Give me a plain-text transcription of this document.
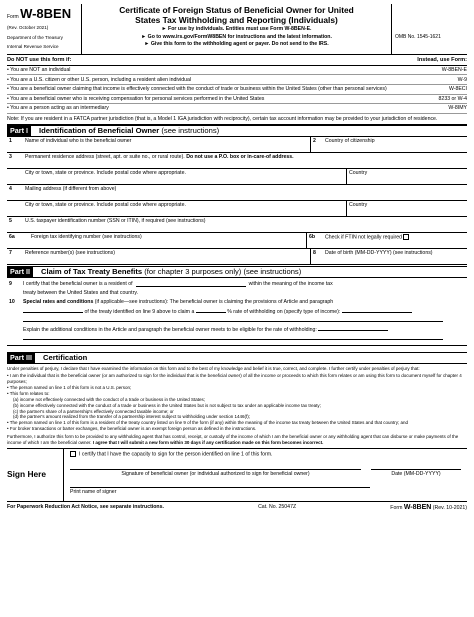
Form W-8BEN
(Rev. October 2021)
Department of the Treasury
Internal Revenue Service
Certificate of Foreign Status of Beneficial Owner for United
States Tax Withholding and Reporting (Individuals)
► For use by individuals. Entities must use Form W-8BEN-E.
► Go to www.irs.gov/FormW8BEN for instructions and the latest information.
► Give this form to the withholding agent or payer. Do not send to the IRS.
OMB No. 1545-1621
Do NOT use this form if:	Instead, use Form:
• You are NOT an individual	W-8BEN-E
• You are a U.S. citizen or other U.S. person, including a resident alien individual	W-9
• You are a beneficial owner claiming that income is effectively connected with the conduct of trade or business within the United States (other than personal services)	W-8ECI
• You are a beneficial owner who is receiving compensation for personal services performed in the United States	8233 or W-4
• You are a person acting as an intermediary	W-8IMY
Note: If you are resident in a FATCA partner jurisdiction (that is, a Model 1 IGA jurisdiction with reciprocity), certain tax account information may be provided to your jurisdiction of residence.
Part I	Identification of Beneficial Owner
(see instructions)
1	Name of individual who is the beneficial owner	2	Country of citizenship
3	Permanent residence address (street, apt. or suite no., or rural route). Do not use a P.O. box or in-care-of address.
City or town, state or province. Include postal code where appropriate.	Country
4	Mailing address (if different from above)
City or town, state or province. Include postal code where appropriate.	Country
5	U.S. taxpayer identification number (SSN or ITIN), if required (see instructions)
6a	Foreign tax identifying number (see instructions)	6b	Check if FTIN not legally required
7	Reference number(s) (see instructions)	8	Date of birth (MM-DD-YYYY) (see instructions)
Part II	Claim of Tax Treaty Benefits
(for chapter 3 purposes only) (see instructions)
9	I certify that the beneficial owner is a resident of	within the meaning of the income tax
treaty between the United States and that country.
10	Special rates and conditions (if applicable—see instructions): The beneficial owner is claiming the provisions of Article and paragraph
of the treaty identified on line 9 above to claim a	% rate of withholding on (specify type of income):
Explain the additional conditions in the Article and paragraph the beneficial owner meets to be eligible for the rate of withholding:
Part III	Certification
Under penalties of perjury, I declare that I have examined the information on this form and to the best of my knowledge and belief it is true, correct, and complete. I further certify under penalties of perjury that:
• I am the individual that is the beneficial owner (or am authorized to sign for the individual that is the beneficial owner) of all the income or proceeds to which this form relates or am using this form to document myself for chapter 4 purposes;
• The person named on line 1 of this form is not a U.S. person;
• This form relates to:
(a) income not effectively connected with the conduct of a trade or business in the United States;
(b) income effectively connected with the conduct of a trade or business in the United States but is not subject to tax under an applicable income tax treaty;
(c) the partner's share of a partnership's effectively connected taxable income; or
(d) the partner's amount realized from the transfer of a partnership interest subject to withholding under section 1446(f);
• The person named on line 1 of this form is a resident of the treaty country listed on line 9 of the form (if any) within the meaning of the income tax treaty between the United States and that country; and
• For broker transactions or barter exchanges, the beneficial owner is an exempt foreign person as defined in the instructions.
Furthermore, I authorize this form to be provided to any withholding agent that has control, receipt, or custody of the income of which I am the beneficial owner or any withholding agent that can disburse or make payments of the income of which I am the beneficial owner. I agree that I will submit a new form within 30 days if any certification made on this form becomes incorrect.
Sign Here
I certify that I have the capacity to sign for the person identified on line 1 of this form.
Signature of beneficial owner (or individual authorized to sign for beneficial owner)	Date (MM-DD-YYYY)
Print name of signer
For Paperwork Reduction Act Notice, see separate instructions.	Cat. No. 25047Z	Form W-8BEN (Rev. 10-2021)
